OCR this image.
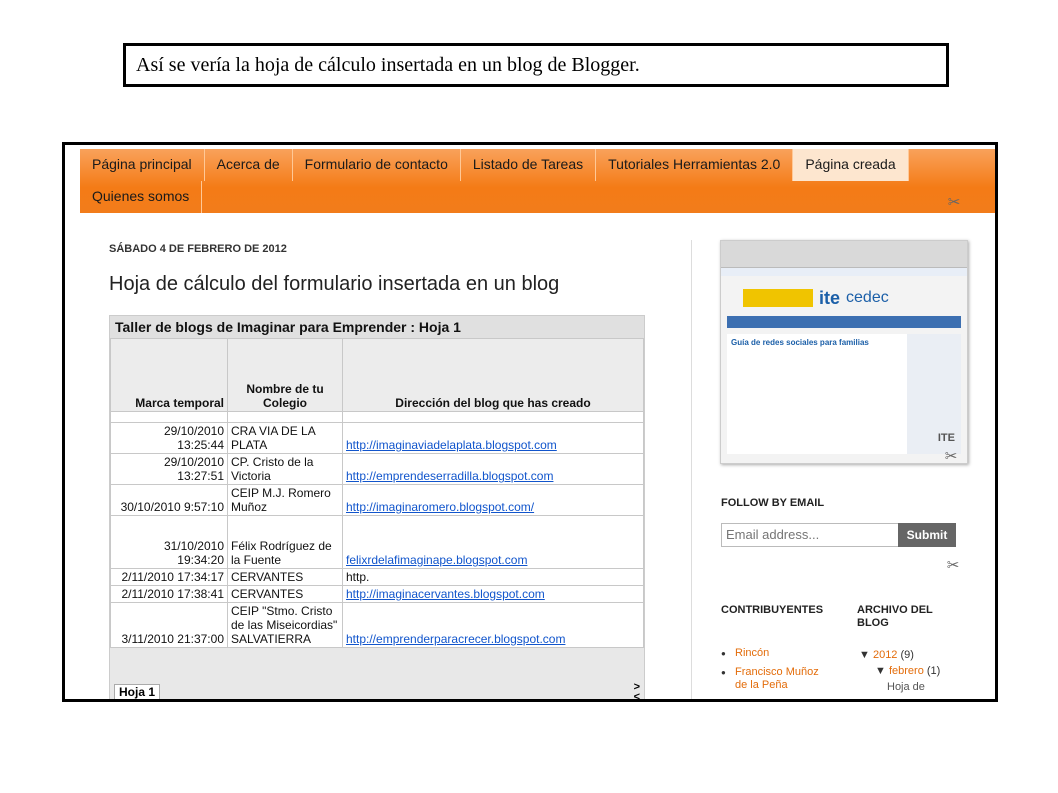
Así se vería la hoja de cálculo insertada en un blog de Blogger.
Página principal	Acerca de	Formulario de contacto	Listado de Tareas	Tutoriales Herramientas 2.0	Página creada
Quienes somos	✂
SÁBADO 4 DE FEBRERO DE 2012
Hoja de cálculo del formulario insertada en un blog
Taller de blogs de Imaginar para Emprender : Hoja 1
Marca temporal	Nombre de tu Colegio	Dirección del blog que has creado

29/10/2010 13:25:44	CRA VIA DE LA PLATA	http://imaginaviadelaplata.blogspot.com
29/10/2010 13:27:51	CP. Cristo de la Victoria	http://emprendeserradilla.blogspot.com
30/10/2010 9:57:10	CEIP M.J. Romero Muñoz	http://imaginaromero.blogspot.com/
31/10/2010 19:34:20	Félix Rodríguez de la Fuente	felixrdelafimaginape.blogspot.com
2/11/2010 17:34:17	CERVANTES	http.
2/11/2010 17:38:41	CERVANTES	http://imaginacervantes.blogspot.com
3/11/2010 21:37:00	CEIP "Stmo. Cristo de las Miseicordias" SALVATIERRA	http://emprenderparacrecer.blogspot.com
Hoja 1	>
<
ite cedec
Guía de redes sociales para familias
ITE
✂
FOLLOW BY EMAIL
Email address...
Submit
✂
CONTRIBUYENTES
● Rincón
● Francisco Muñoz de la Peña
ARCHIVO DEL BLOG
▼ 2012 (9)
▼ febrero (1)
Hoja de
